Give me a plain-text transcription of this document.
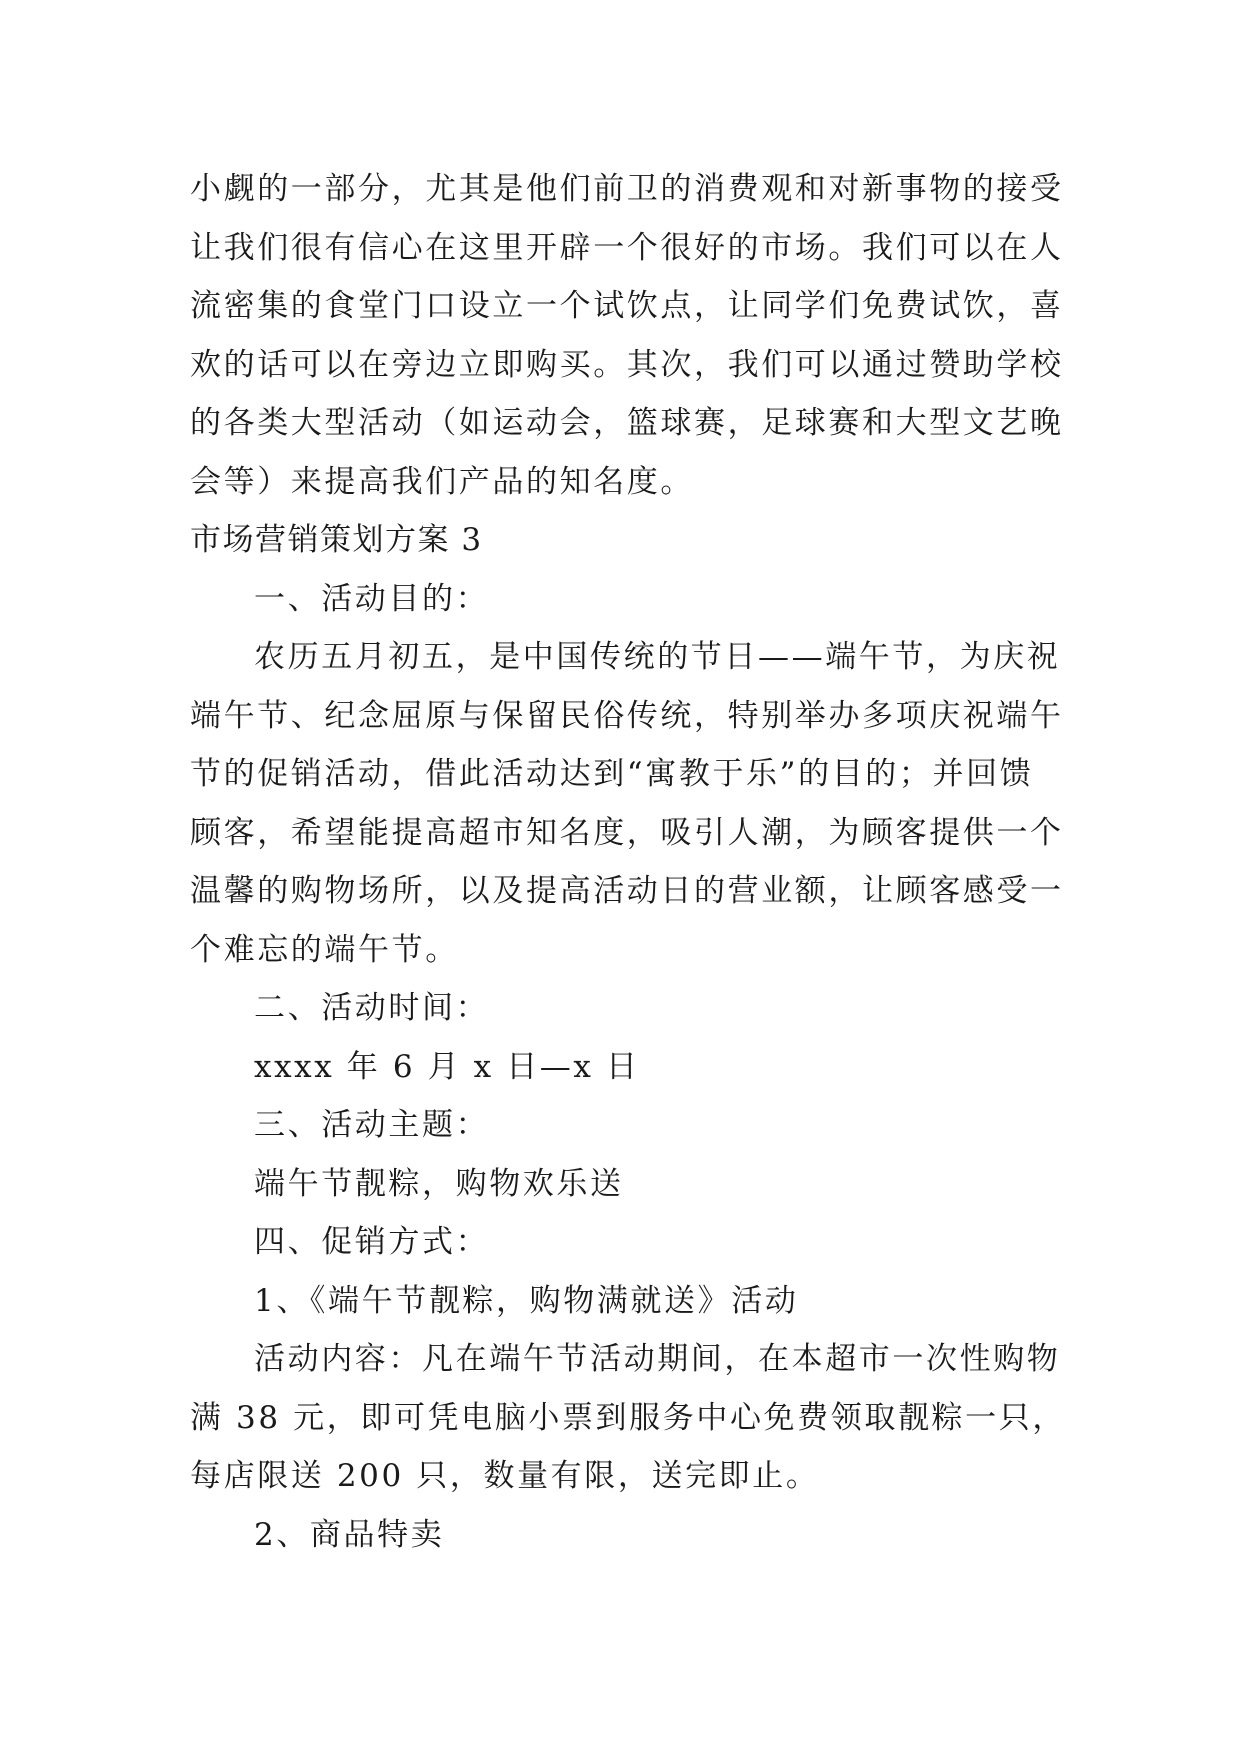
小觑的一部分，尤其是他们前卫的消费观和对新事物的接受
让我们很有信心在这里开辟一个很好的市场。我们可以在人
流密集的食堂门口设立一个试饮点，让同学们免费试饮，喜
欢的话可以在旁边立即购买。其次，我们可以通过赞助学校
的各类大型活动（如运动会，篮球赛，足球赛和大型文艺晚
会等）来提高我们产品的知名度。
市场营销策划方案 3
一、活动目的：
农历五月初五，是中国传统的节日——端午节，为庆祝
端午节、纪念屈原与保留民俗传统，特别举办多项庆祝端午
节的促销活动，借此活动达到“寓教于乐”的目的；并回馈
顾客，希望能提高超市知名度，吸引人潮，为顾客提供一个
温馨的购物场所，以及提高活动日的营业额，让顾客感受一
个难忘的端午节。
二、活动时间：
xxxx 年 6 月 x 日—x 日
三、活动主题：
端午节靓粽，购物欢乐送
四、促销方式：
1、《端午节靓粽，购物满就送》活动
活动内容：凡在端午节活动期间，在本超市一次性购物
满 38 元，即可凭电脑小票到服务中心免费领取靓粽一只，
每店限送 200 只，数量有限，送完即止。
2、商品特卖
